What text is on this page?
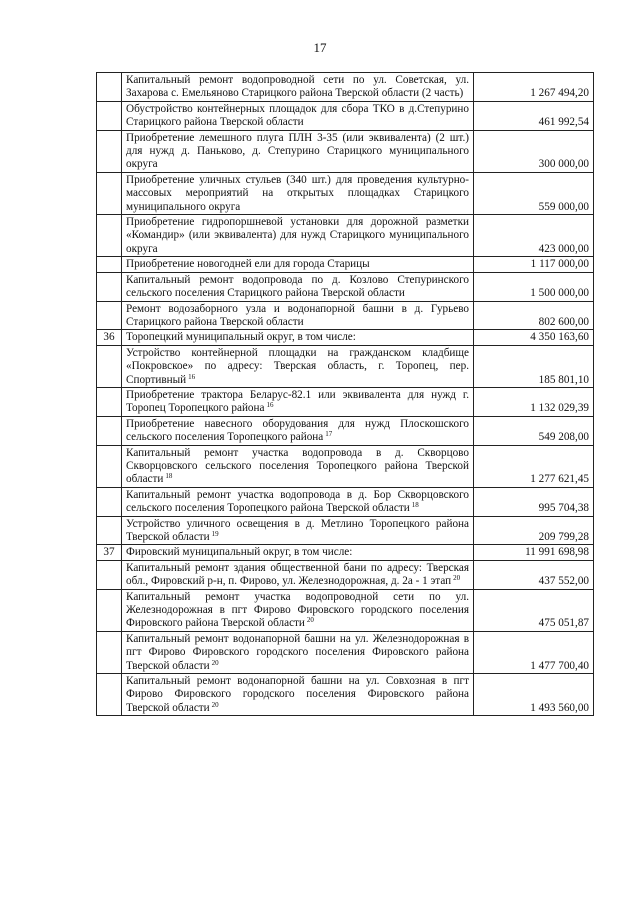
17
	Капитальный ремонт водопроводной сети по ул. Советская, ул. Захарова с. Емельяново Старицкого района Тверской области (2 часть)	1 267 494,20
	Обустройство контейнерных площадок для сбора ТКО в д.Степурино Старицкого района Тверской области	461 992,54
	Приобретение лемешного плуга ПЛН 3-35 (или эквивалента) (2 шт.) для нужд д. Паньково, д. Степурино Старицкого муниципального округа	300 000,00
	Приобретение уличных стульев (340 шт.) для проведения культурно-массовых мероприятий на открытых площадках Старицкого муниципального округа	559 000,00
	Приобретение гидропоршневой установки для дорожной разметки «Командир» (или эквивалента) для нужд Старицкого муниципального округа	423 000,00
	Приобретение новогодней ели для города Старицы	1 117 000,00
	Капитальный ремонт водопровода по д. Козлово Степуринского сельского поселения Старицкого района Тверской области	1 500 000,00
	Ремонт водозаборного узла и водонапорной башни в д. Гурьево Старицкого района Тверской области	802 600,00
36	Торопецкий муниципальный округ, в том числе:	4 350 163,60
	Устройство контейнерной площадки на гражданском кладбище «Покровское» по адресу: Тверская область, г. Торопец, пер. Спортивный $^{16}$	185 801,10
	Приобретение трактора Беларус-82.1 или эквивалента для нужд г. Торопец Торопецкого района $^{16}$	1 132 029,39
	Приобретение навесного оборудования для нужд Плоскошского сельского поселения Торопецкого района $^{17}$	549 208,00
	Капитальный ремонт участка водопровода в д. Скворцово Скворцовского сельского поселения Торопецкого района Тверской области $^{18}$	1 277 621,45
	Капитальный ремонт участка водопровода в д. Бор Скворцовского сельского поселения Торопецкого района Тверской области $^{18}$	995 704,38
	Устройство уличного освещения в д. Метлино Торопецкого района Тверской области $^{19}$	209 799,28
37	Фировский муниципальный округ, в том числе:	11 991 698,98
	Капитальный ремонт здания общественной бани по адресу: Тверская обл., Фировский р-н, п. Фирово, ул. Железнодорожная, д. 2а - 1 этап $^{20}$	437 552,00
	Капитальный ремонт участка водопроводной сети по ул. Железнодорожная в пгт Фирово Фировского городского поселения Фировского района Тверской области $^{20}$	475 051,87
	Капитальный ремонт водонапорной башни на ул. Железнодорожная в пгт Фирово Фировского городского поселения Фировского района Тверской области $^{20}$	1 477 700,40
	Капитальный ремонт водонапорной башни на ул. Совхозная в пгт Фирово Фировского городского поселения Фировского района Тверской области $^{20}$	1 493 560,00
